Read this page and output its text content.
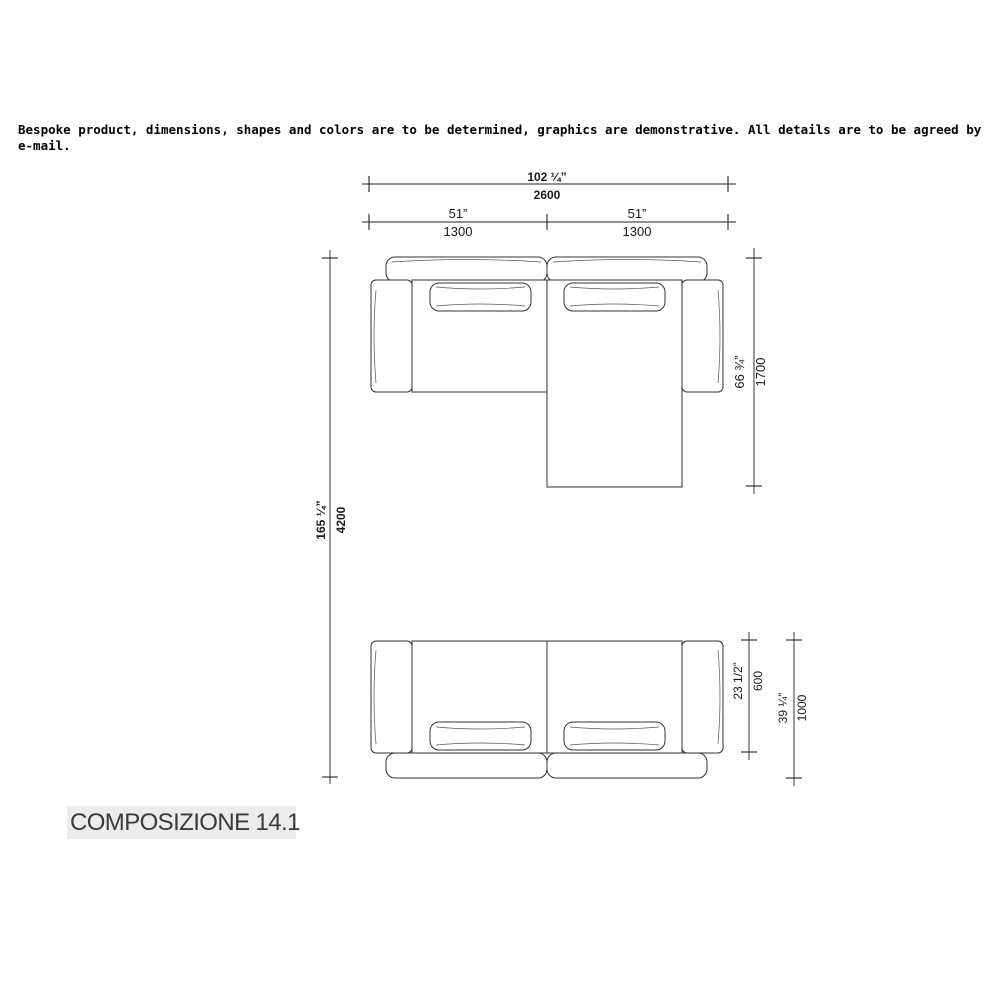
Bespoke product, dimensions, shapes and colors are to be determined, graphics are demonstrative. All details are to be agreed by e-mail.
102 ¼”
2600
51”
1300
51”
1300
165 ¼” 4200
66 ¾” 1700
23 1/2” 600
39 ¼” 1000
COMPOSIZIONE 14.1
